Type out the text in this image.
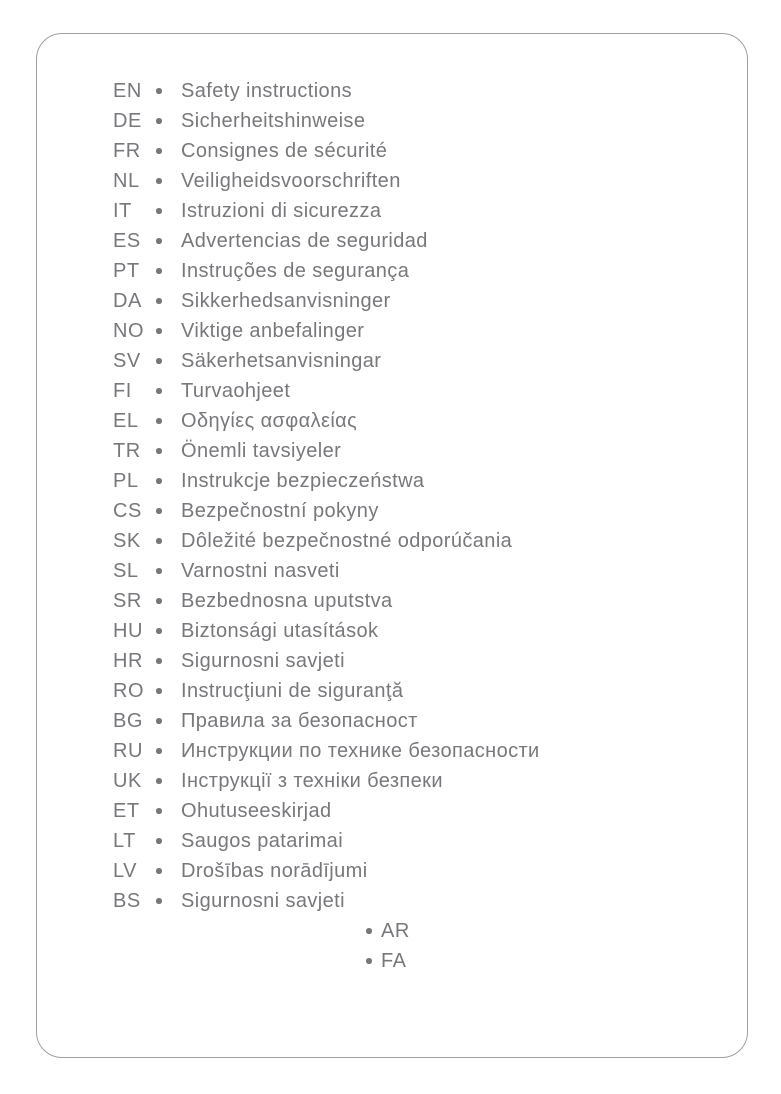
EN	Safety instructions
DE	Sicherheitshinweise
FR	Consignes de sécurité
NL	Veiligheidsvoorschriften
IT	Istruzioni di sicurezza
ES	Advertencias de seguridad
PT	Instruções de segurança
DA	Sikkerhedsanvisninger
NO	Viktige anbefalinger
SV	Säkerhetsanvisningar
FI	Turvaohjeet
EL	Οδηγίες ασφαλείας
TR	Önemli tavsiyeler
PL	Instrukcje bezpieczeństwa
CS	Bezpečnostní pokyny
SK	Dôležité bezpečnostné odporúčania
SL	Varnostni nasveti
SR	Bezbednosna uputstva
HU	Biztonsági utasítások
HR	Sigurnosni savjeti
RO	Instrucţiuni de siguranţă
BG	Правила за безопасност
RU	Инструкции по технике безопасности
UK	Інструкції з техніки безпеки
ET	Ohutuseeskirjad
LT	Saugos patarimai
LV	Drošības norādījumi
BS	Sigurnosni savjeti
AR
FA
